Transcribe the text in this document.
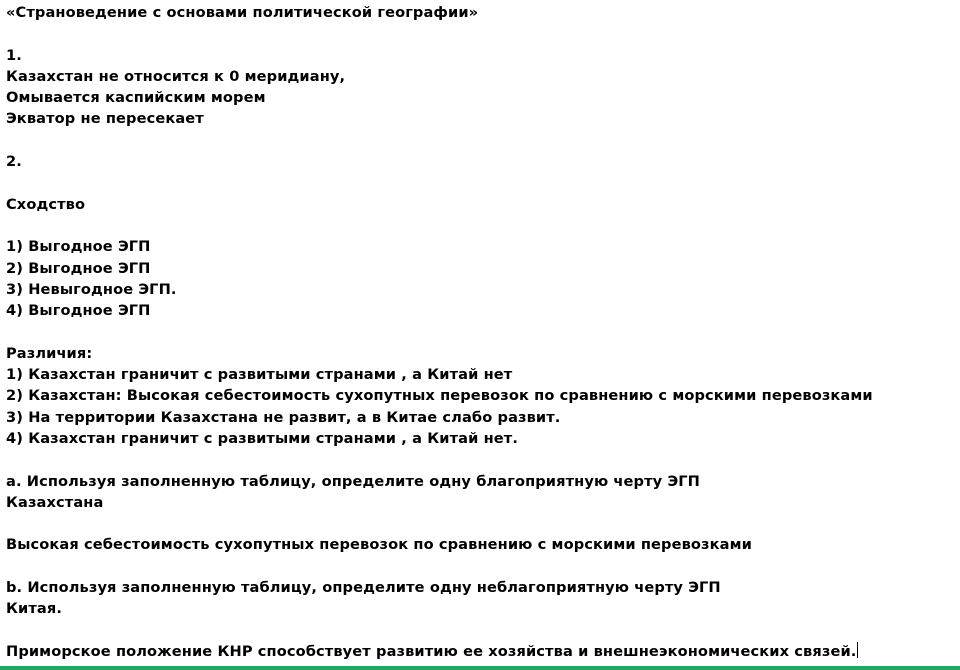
«Страноведение с основами политической географии»
1.
Казахстан не относится к 0 меридиану,
Омывается каспийским морем
Экватор не пересекает
2.
Сходство
1) Выгодное ЭГП
2) Выгодное ЭГП
3) Невыгодное ЭГП.
4) Выгодное ЭГП
Различия:
1) Казахстан граничит с развитыми странами , а Китай нет
2) Казахстан: Высокая себестоимость сухопутных перевозок по сравнению с морскими перевозками
3) На территории Казахстана не развит, а в Китае слабо развит.
4) Казахстан граничит с развитыми странами , а Китай нет.
a. Используя заполненную таблицу, определите одну благоприятную черту ЭГП
Казахстана
Высокая себестоимость сухопутных перевозок по сравнению с морскими перевозками
b. Используя заполненную таблицу, определите одну неблагоприятную черту ЭГП
Китая.
Приморское положение КНР способствует развитию ее хозяйства и внешнеэкономических связей.
